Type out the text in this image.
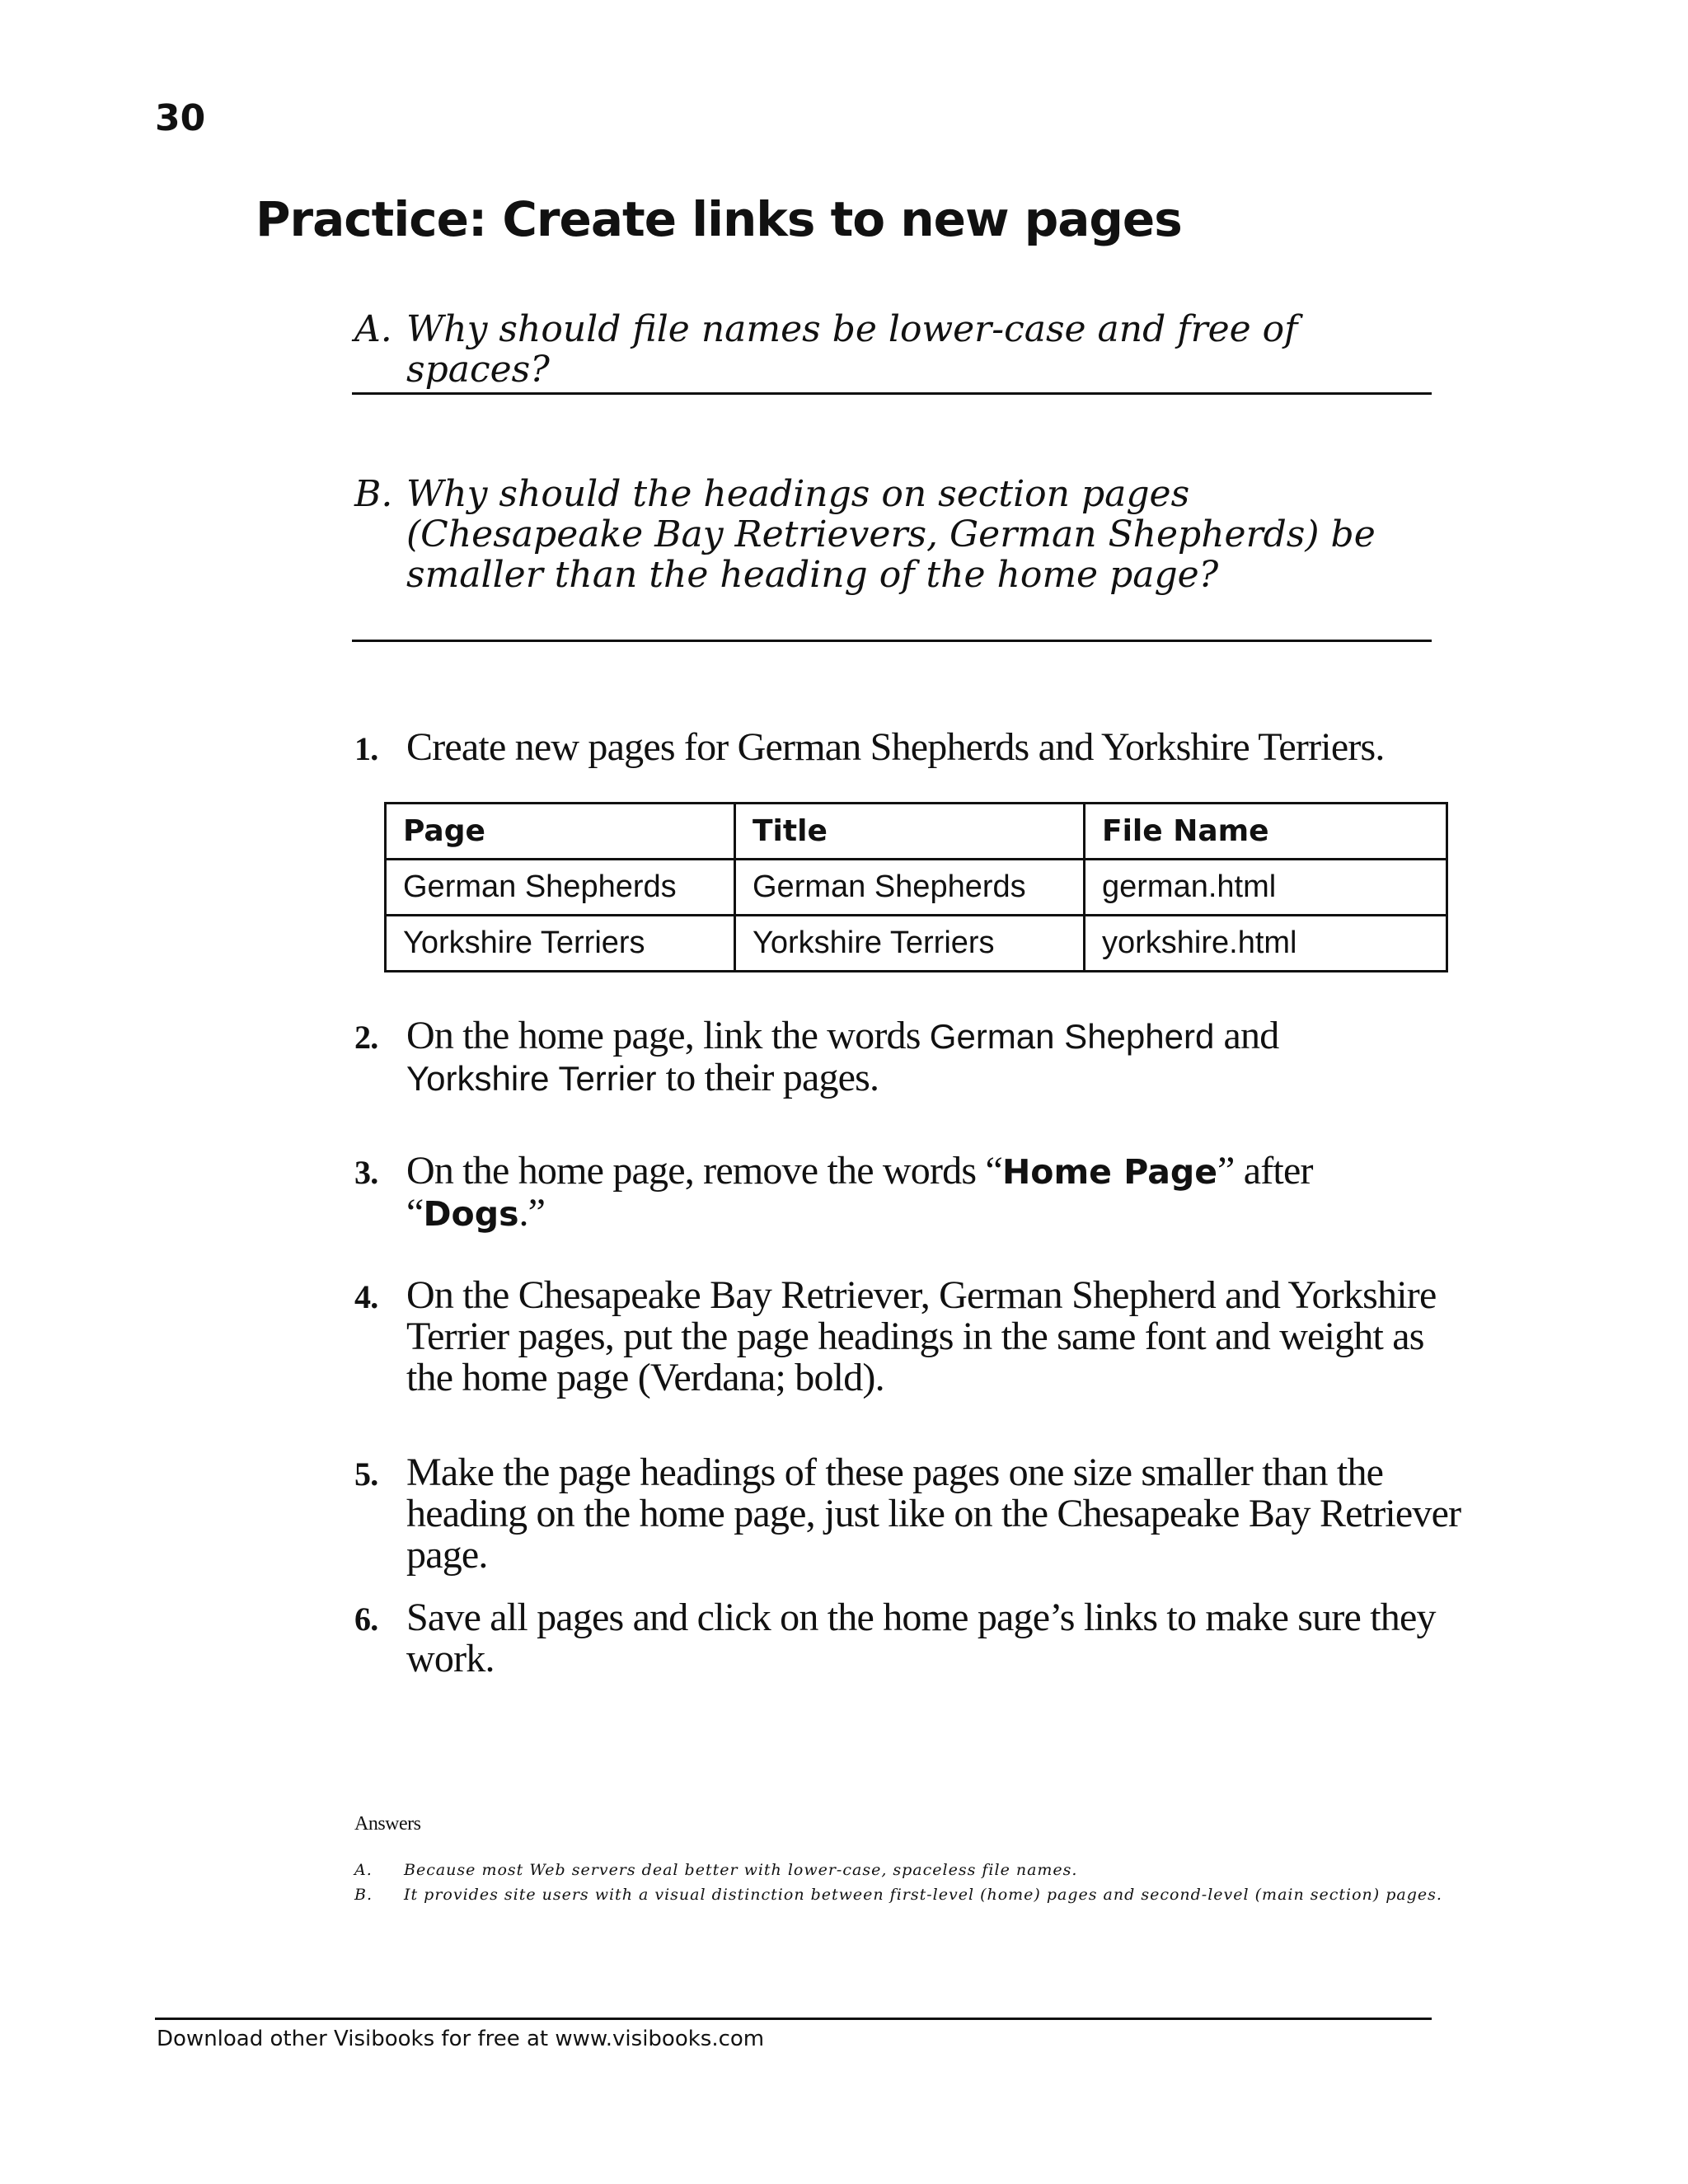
30
Practice: Create links to new pages
A. Why should file names be lower-case and free of spaces?
B. Why should the headings on section pages (Chesapeake Bay Retrievers, German Shepherds) be smaller than the heading of the home page?
1. Create new pages for German Shepherds and Yorkshire Terriers.
Page	Title	File Name
German Shepherds	German Shepherds	german.html
Yorkshire Terriers	Yorkshire Terriers	yorkshire.html
2. On the home page, link the words German Shepherd and Yorkshire Terrier to their pages.
3. On the home page, remove the words “Home Page” after “Dogs.”
4. On the Chesapeake Bay Retriever, German Shepherd and Yorkshire Terrier pages, put the page headings in the same font and weight as the home page (Verdana; bold).
5. Make the page headings of these pages one size smaller than the heading on the home page, just like on the Chesapeake Bay Retriever page.
6. Save all pages and click on the home page’s links to make sure they work.
Answers
A. Because most Web servers deal better with lower-case, spaceless file names.
B. It provides site users with a visual distinction between first-level (home) pages and second-level (main section) pages.
Download other Visibooks for free at www.visibooks.com
